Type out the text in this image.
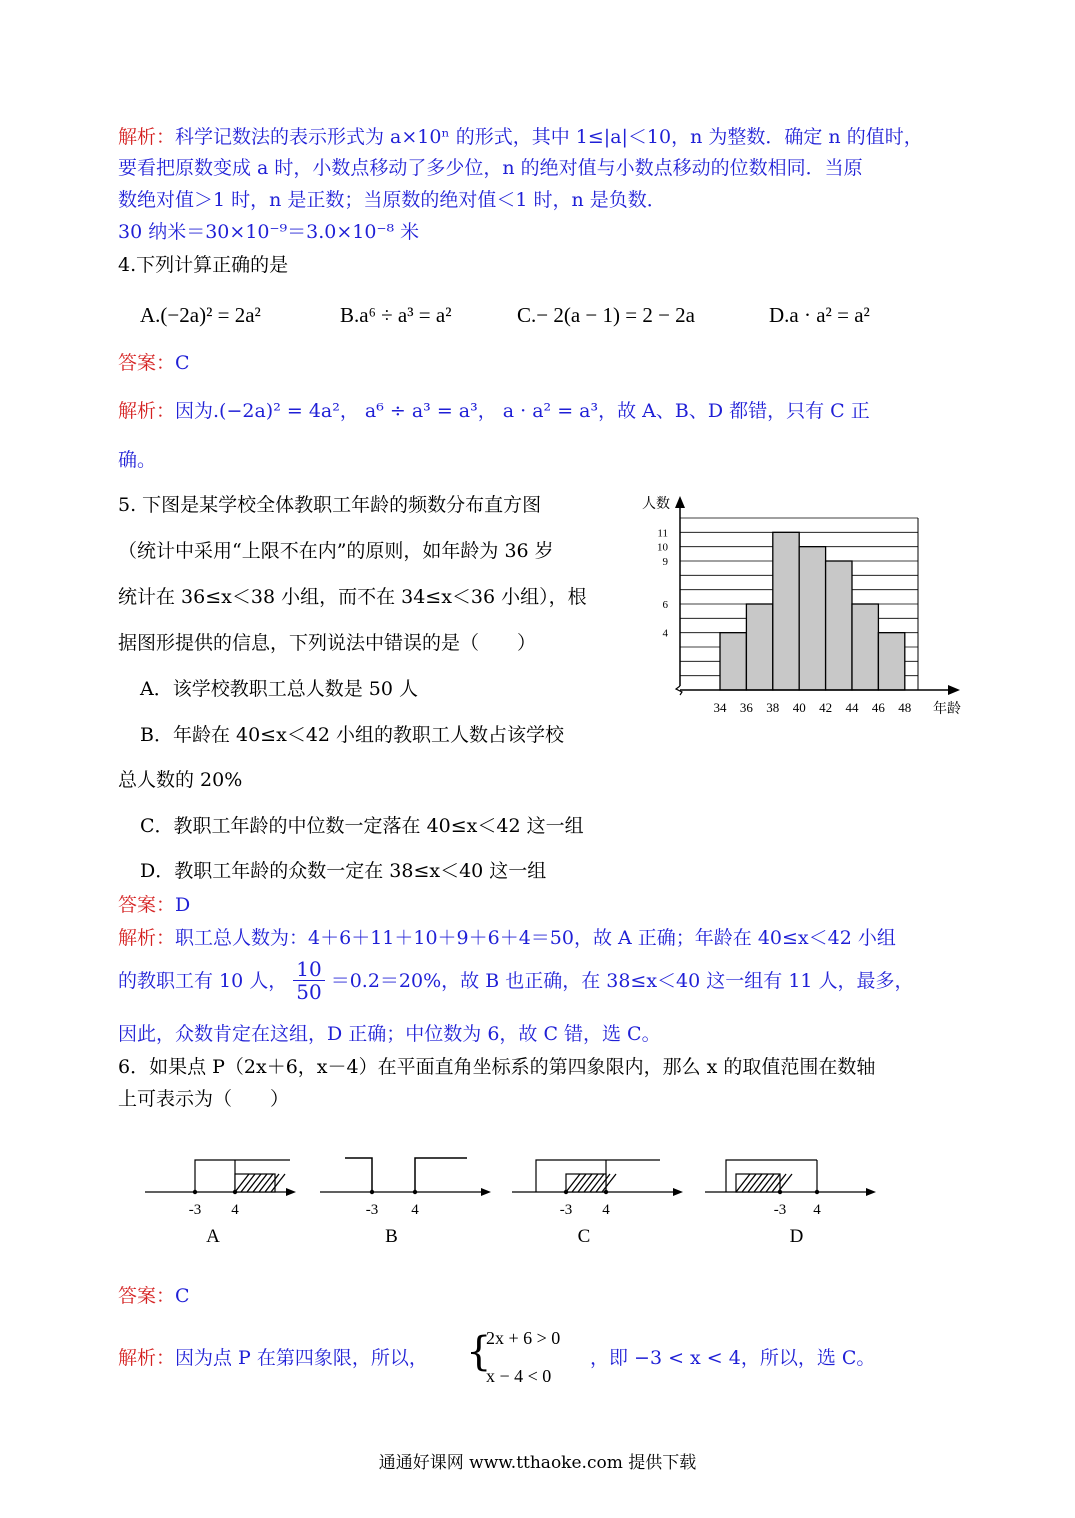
解析：科学记数法的表示形式为 a×10ⁿ 的形式，其中 1≤|a|＜10，n 为整数．确定 n 的值时，
要看把原数变成 a 时，小数点移动了多少位，n 的绝对值与小数点移动的位数相同．当原
数绝对值＞1 时，n 是正数；当原数的绝对值＜1 时，n 是负数．
30 纳米＝30×10⁻⁹＝3.0×10⁻⁸ 米
4.下列计算正确的是
A.(−2a)² = 2a²	B.a⁶ ÷ a³ = a²	C.− 2(a − 1) = 2 − 2a	D.a · a² = a²
答案：C
解析：因为.(−2a)² = 4a²， a⁶ ÷ a³ = a³， a · a² = a³，故 A、B、D 都错，只有 C 正
确。
5. 下图是某学校全体教职工年龄的频数分布直方图
（统计中采用“上限不在内”的原则，如年龄为 36 岁
统计在 36≤x＜38 小组，而不在 34≤x＜36 小组），根
据图形提供的信息，下列说法中错误的是（　　）
A．该学校教职工总人数是 50 人
B．年龄在 40≤x＜42 小组的教职工人数占该学校
总人数的 20%
C．教职工年龄的中位数一定落在 40≤x＜42 这一组
D．教职工年龄的众数一定在 38≤x＜40 这一组
4
6
9
10
11
34 36 38 40 42 44 46 48
人数
年龄
答案：D
解析：职工总人数为：4＋6＋11＋10＋9＋6＋4＝50，故 A 正确；年龄在 40≤x＜42 小组
的教职工有 10 人， $\frac{10}{50} =0.2=20\%$，故 B 也正确，在 38≤x＜40 这一组有 11 人，最多，
因此，众数肯定在这组，D 正确；中位数为 6，故 C 错，选 C。
6．如果点 P（2x＋6，x－4）在平面直角坐标系的第四象限内，那么 x 的取值范围在数轴
上可表示为（　　）
-3 4
A
-3 4
B
-3 4
C
-3 4
D
答案：C
解析：因为点 P 在第四象限，所以， {
2x + 6 > 0
x − 4 < 0
，即 −3 < x < 4，所以，选 C。
通通好课网 www.tthaoke.com 提供下载
